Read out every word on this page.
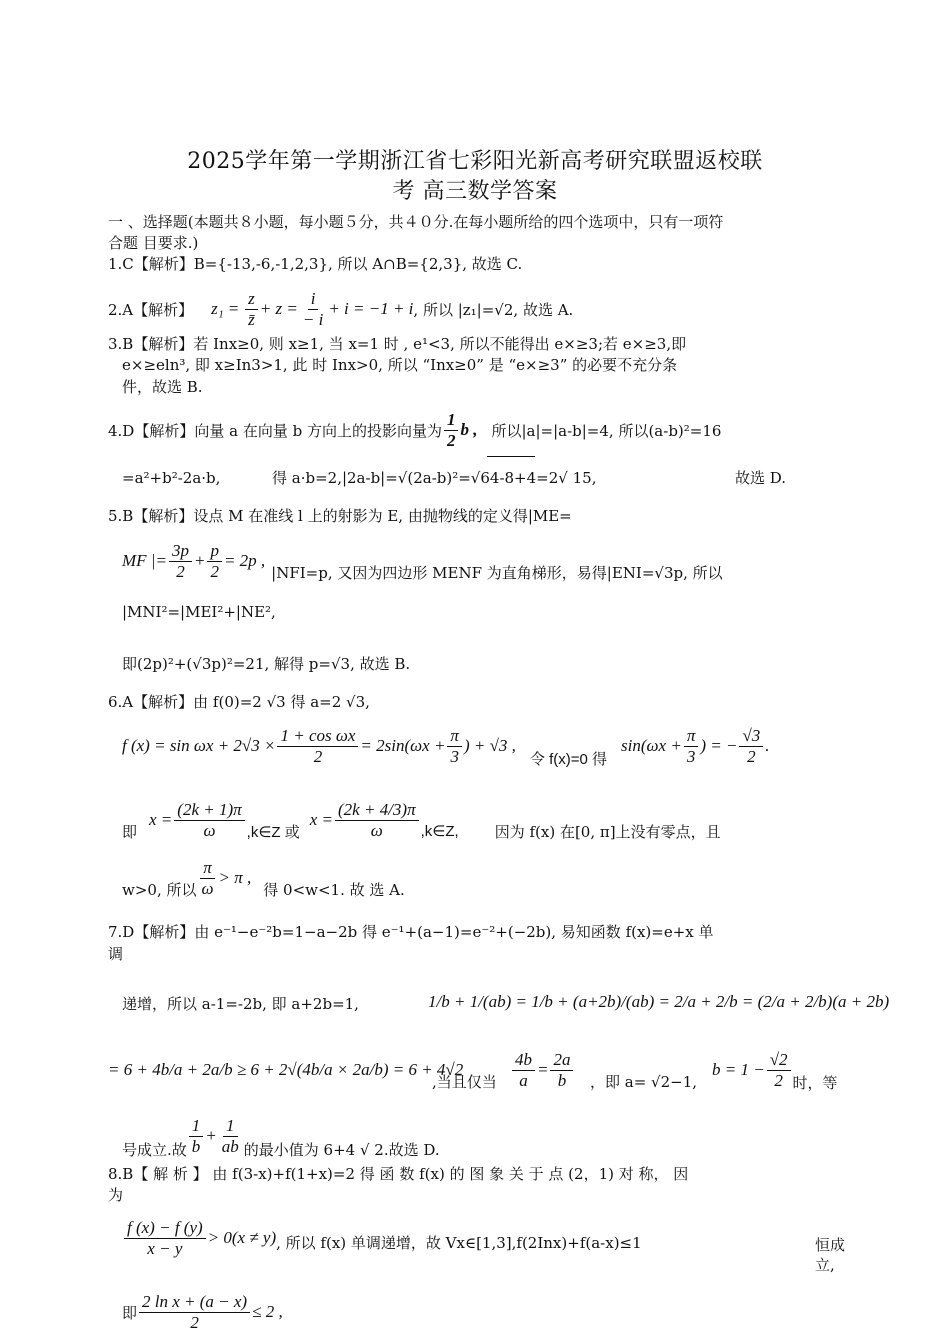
2025学年第一学期浙江省七彩阳光新高考研究联盟返校联
考 高三数学答案
一 、选择题(本题共８小题，每小题５分，共４０分.在每小题所给的四个选项中，只有一项符
合题 目要求.)
1.C【解析】B={-13,-6,-1,2,3}, 所以 A∩B={2,3}, 故选 C.
2.A【解析】 $z_1 = \frac{z}{z̄} + z = \frac{i}{- i} + i = -1 + i$ , 所以 |z₁|=√2, 故选 A.
3.B【解析】若 Inx≥0, 则 x≥1, 当 x=1 时 , e¹<3, 所以不能得出 e×≥3;若 e×≥3,即
e×≥eln³, 即 x≥In3>1, 此 时 Inx>0, 所以 “Inx≥0” 是 “e×≥3” 的必要不充分条
件，故选 B.
4.D【解析】向量 a 在向量 b 方向上的投影向量为 $\frac{1}{2}$ b , 所以|a|=|a-b|=4, 所以(a-b)²=16
=a²+b²-2a·b,	得 a·b=2,|2a-b|=√(2a-b)²=√64-8+4=2√ 15,	故选 D.
5.B【解析】设点 M 在准线 l 上的射影为 E, 由抛物线的定义得|ME=
MF |= $\frac{3p}{2} + \frac{p}{2} = 2p$ ,
|NFI=p, 又因为四边形 MENF 为直角梯形，易得|ENI=√3p, 所以
|MNI²=|MEI²+|NE²,
即(2p)²+(√3p)²=21, 解得 p=√3, 故选 B.
6.A【解析】由 f(0)=2 √3 得 a=2 √3,
f $(x) = \sin \omega x + 2√3 \times \frac{\text{1 + cos ωx}}{2} = 2\sin(\omega x + \frac{\pi}{3}$ ) + √3 ,
令 f(x)=0 得
$\sin(\omega x + \frac{\pi}{3}$ ) = − $\frac{√3}{2}$ .
即
$x = \frac{(2k + 1)\pi}{\omega}$ ,k∈Z 或
$x = \frac{(2k + 4/3)\pi}{\omega}$ ,k∈Z, 因为 f(x) 在[0, π]上没有零点，且
w>0, 所以 $\frac{\pi}{\omega} > \pi$ ,
得 0<w<1. 故 选 A.
7.D【解析】由 e⁻¹−e⁻²b=1−a−2b 得 e⁻¹+(a−1)=e⁻²+(−2b), 易知函数 f(x)=e+x 单
调
递增，所以 a-1=-2b, 即 a+2b=1,	1/b + 1/(ab) = 1/b + (a+2b)/(ab) = 2/a + 2/b = (2/a + 2/b)(a + 2b)
= 6 + 4b/a + 2a/b ≥ 6 + 2√(4b/a × 2a/b) = 6 + 4√2
,当且仅当 $\frac{4b}{a} = \frac{2a}{b}$ ，即 a= √2−1,
$b = 1 - \frac{√2}{2}$ 时，等
号成立.故 $\frac{1}{b} + \frac{1}{ab}$ 的最小值为 6+4 √ 2.故选 D.
8.B【 解 析 】 由 f(3-x)+f(1+x)=2 得 函 数 f(x) 的 图 象 关 于 点 (2，1) 对 称， 因
为
$\frac{f (x) - f (y)}{x - y} > 0(x \ne y)$ , 所以 f(x) 单调递增，故 Vx∈[1,3],f(2Inx)+f(a-x)≤1	恒成
立,
即 $\frac{\text{2 ln x + (a − x)}}{2} \le 2$ ,
